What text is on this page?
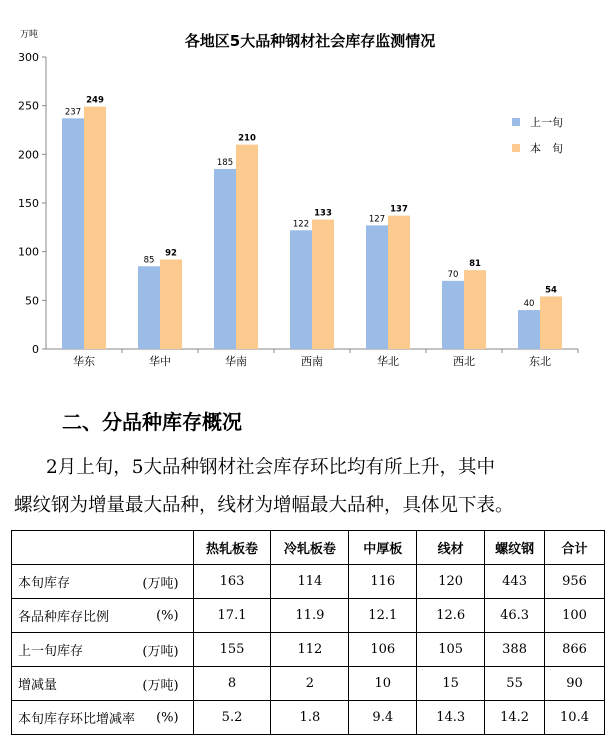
各地区5大品种钢材社会库存监测情况
万吨
0
50
100
150
200
250
300
华东
237
249
华中
85
92
华南
185
210
西南
122
133
华北
127
137
西北
70
81
东北
40
54
上一旬
本　旬
二、分品种库存概况
2月上旬，5大品种钢材社会库存环比均有所上升，其中
螺纹钢为增量最大品种，线材为增幅最大品种，具体见下表。
	热轧板卷	冷轧板卷	中厚板	线材	螺纹钢	合计
本旬库存 (万吨)	163	114	116	120	443	956
各品种库存比例 (%)	17.1	11.9	12.1	12.6	46.3	100
上一旬库存 (万吨)	155	112	106	105	388	866
增减量 (万吨)	8	2	10	15	55	90
本旬库存环比增减率 (%)	5.2	1.8	9.4	14.3	14.2	10.4
